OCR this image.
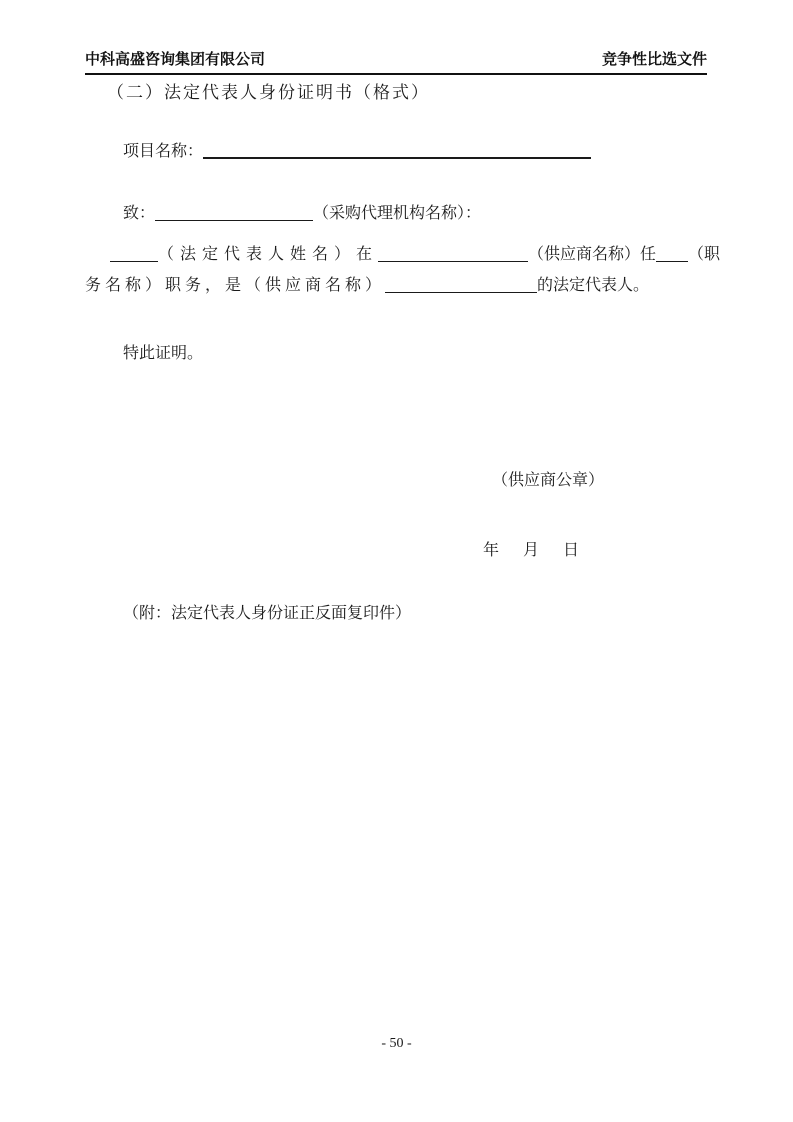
中科高盛咨询集团有限公司	竞争性比选文件
（二）法定代表人身份证明书（格式）
项目名称：
致：	（采购代理机构名称）：
（法定代表人姓名）在	（供应商名称）任 （职
务名称）职务，是（供应商名称）	的法定代表人。
特此证明。
（供应商公章）
年　月　日
（附：法定代表人身份证正反面复印件）
- 50 -
